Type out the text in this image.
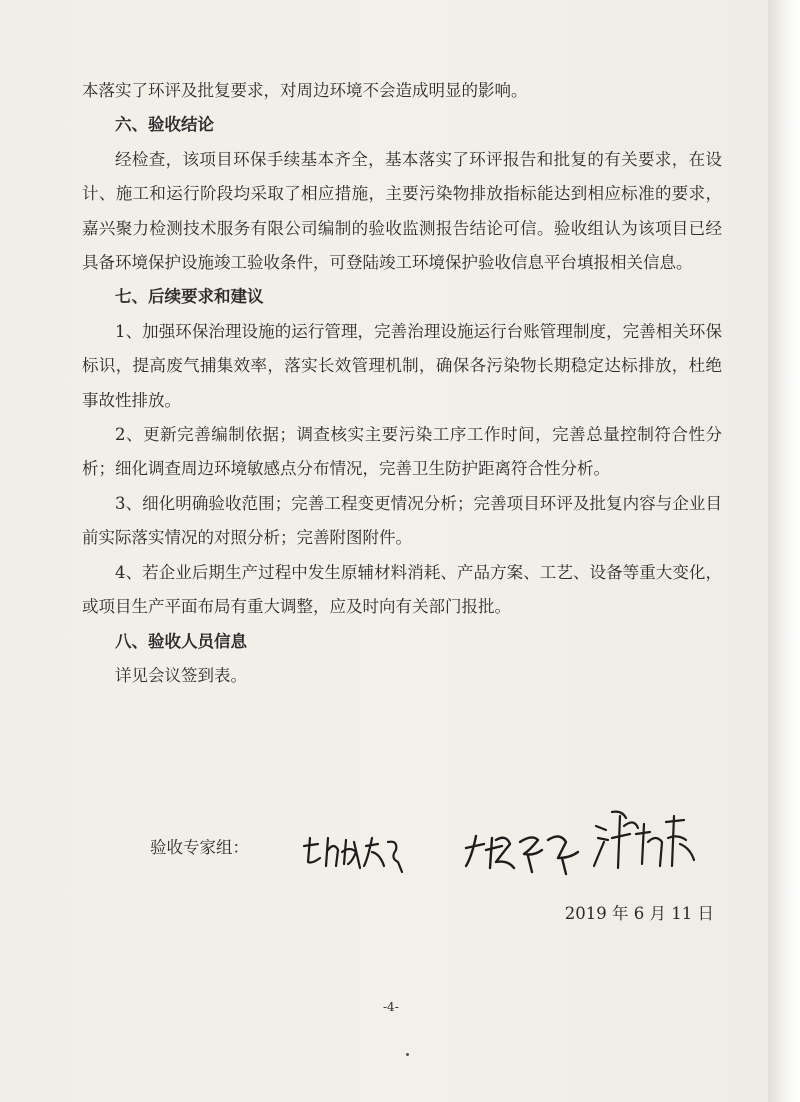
本落实了环评及批复要求，对周边环境不会造成明显的影响。

六、验收结论

经检查，该项目环保手续基本齐全，基本落实了环评报告和批复的有关要求，在设计、施工和运行阶段均采取了相应措施，主要污染物排放指标能达到相应标准的要求，嘉兴聚力检测技术服务有限公司编制的验收监测报告结论可信。验收组认为该项目已经具备环境保护设施竣工验收条件，可登陆竣工环境保护验收信息平台填报相关信息。

七、后续要求和建议

1、加强环保治理设施的运行管理，完善治理设施运行台账管理制度，完善相关环保标识，提高废气捕集效率，落实长效管理机制，确保各污染物长期稳定达标排放，杜绝事故性排放。

2、更新完善编制依据；调查核实主要污染工序工作时间，完善总量控制符合性分析；细化调查周边环境敏感点分布情况，完善卫生防护距离符合性分析。

3、细化明确验收范围；完善工程变更情况分析；完善项目环评及批复内容与企业目前实际落实情况的对照分析；完善附图附件。

4、若企业后期生产过程中发生原辅材料消耗、产品方案、工艺、设备等重大变化，或项目生产平面布局有重大调整，应及时向有关部门报批。

八、验收人员信息

详见会议签到表。

验收专家组：
2019 年 6 月 11 日
-4-
